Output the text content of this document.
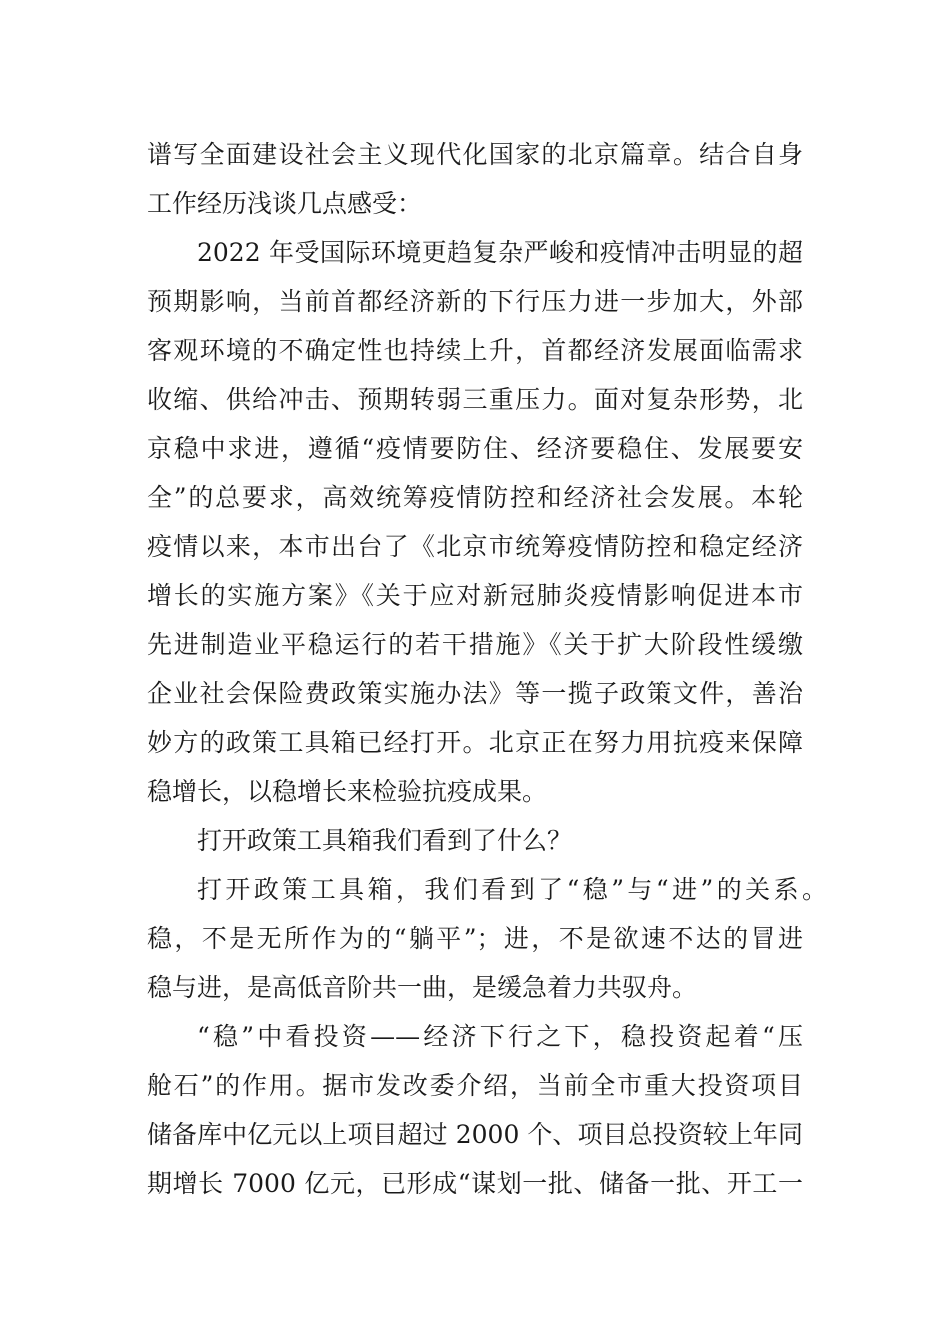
谱写全面建设社会主义现代化国家的北京篇章。结合自身
工作经历浅谈几点感受：
2022 年受国际环境更趋复杂严峻和疫情冲击明显的超
预期影响，当前首都经济新的下行压力进一步加大，外部
客观环境的不确定性也持续上升，首都经济发展面临需求
收缩、供给冲击、预期转弱三重压力。面对复杂形势，北
京稳中求进，遵循“疫情要防住、经济要稳住、发展要安
全”的总要求，高效统筹疫情防控和经济社会发展。本轮
疫情以来，本市出台了《北京市统筹疫情防控和稳定经济
增长的实施方案》《关于应对新冠肺炎疫情影响促进本市
先进制造业平稳运行的若干措施》《关于扩大阶段性缓缴
企业社会保险费政策实施办法》等一揽子政策文件，善治
妙方的政策工具箱已经打开。北京正在努力用抗疫来保障
稳增长，以稳增长来检验抗疫成果。
打开政策工具箱我们看到了什么？
打开政策工具箱，我们看到了“稳”与“进”的关系。
稳，不是无所作为的“躺平”；进，不是欲速不达的冒进
稳与进，是高低音阶共一曲，是缓急着力共驭舟。
“稳”中看投资——经济下行之下，稳投资起着“压
舱石”的作用。据市发改委介绍，当前全市重大投资项目
储备库中亿元以上项目超过 2000 个、项目总投资较上年同
期增长 7000 亿元，已形成“谋划一批、储备一批、开工一
